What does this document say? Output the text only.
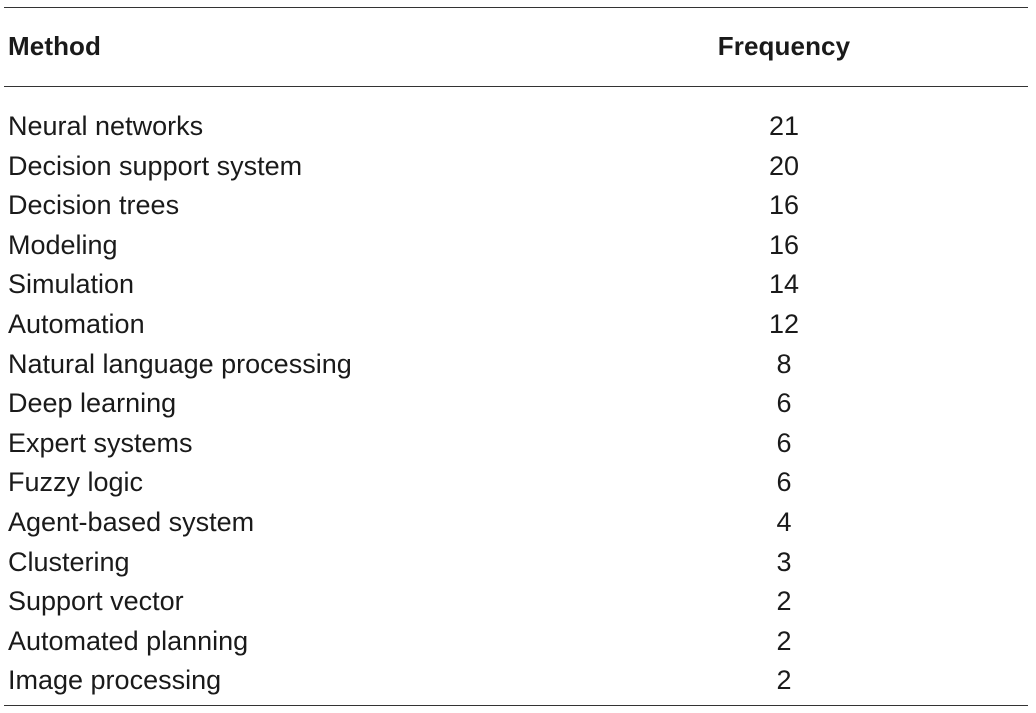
Method	Frequency
Neural networks	21
Decision support system	20
Decision trees	16
Modeling	16
Simulation	14
Automation	12
Natural language processing	8
Deep learning	6
Expert systems	6
Fuzzy logic	6
Agent-based system	4
Clustering	3
Support vector	2
Automated planning	2
Image processing	2
